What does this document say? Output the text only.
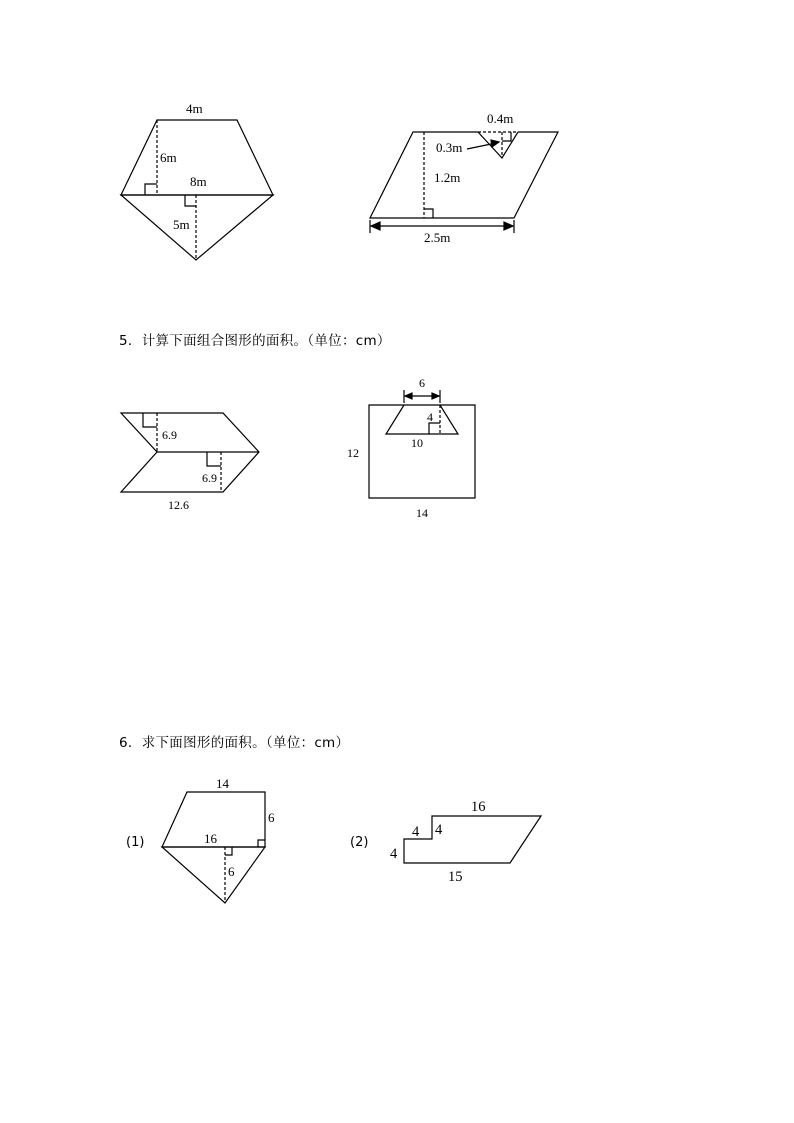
4m
6m
8m
5m
0.4m
0.3m
1.2m
2.5m
5．计算下面组合图形的面积。（单位：cm）
6.9
6.9
12.6
6
4
10
12
14
6．求下面图形的面积。（单位：cm）
(1)
14
6
16
6
(2)
16
4 4
4
15
